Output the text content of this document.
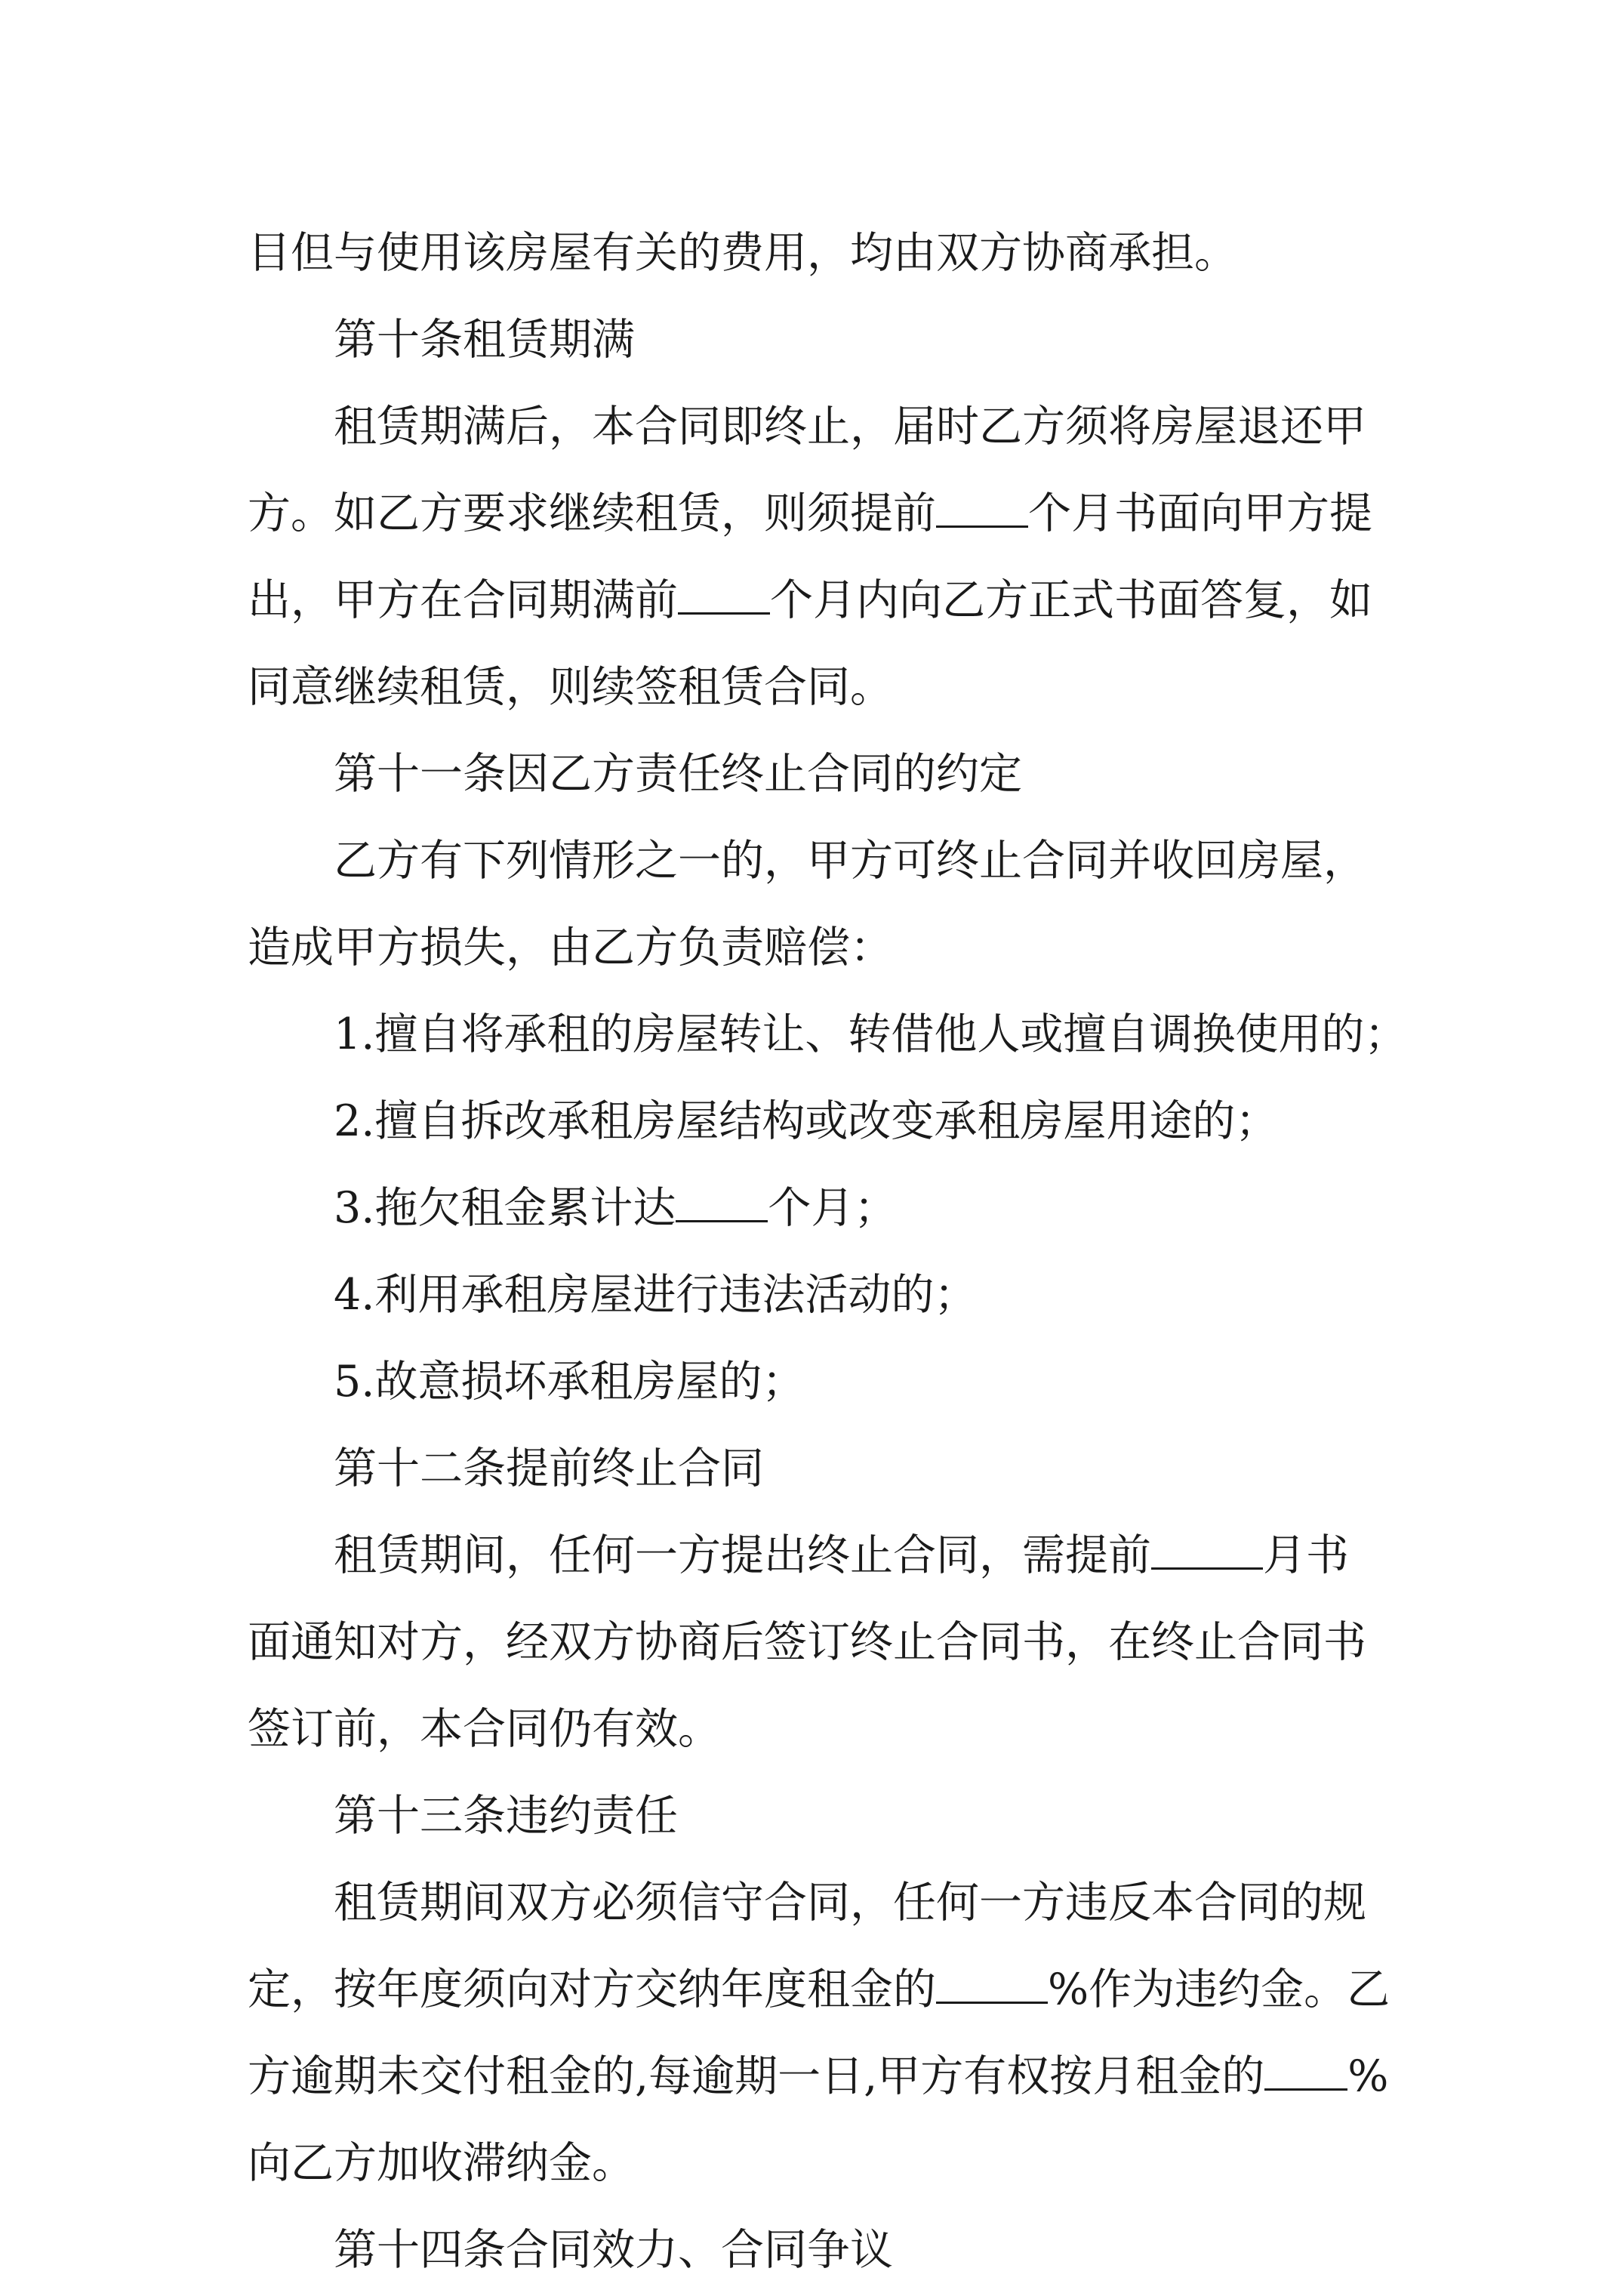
目但与使用该房屋有关的费用，均由双方协商承担。
第十条租赁期满
租赁期满后，本合同即终止，届时乙方须将房屋退还甲
方。如乙方要求继续租赁，则须提前 个月书面向甲方提
出，甲方在合同期满前 个月内向乙方正式书面答复，如
同意继续租赁，则续签租赁合同。
第十一条因乙方责任终止合同的约定
乙方有下列情形之一的，甲方可终止合同并收回房屋，
造成甲方损失，由乙方负责赔偿：
1.擅自将承租的房屋转让、转借他人或擅自调换使用的；
2.擅自拆改承租房屋结构或改变承租房屋用途的；
3.拖欠租金累计达 个月；
4.利用承租房屋进行违法活动的；
5.故意损坏承租房屋的；
第十二条提前终止合同
租赁期间，任何一方提出终止合同，需提前	月书
面通知对方，经双方协商后签订终止合同书，在终止合同书
签订前，本合同仍有效。
第十三条违约责任
租赁期间双方必须信守合同，任何一方违反本合同的规
定，按年度须向对方交纳年度租金的	%作为违约金。乙
方逾期未交付租金的,每逾期一日,甲方有权按月租金的 %
向乙方加收滞纳金。
第十四条合同效力、合同争议
